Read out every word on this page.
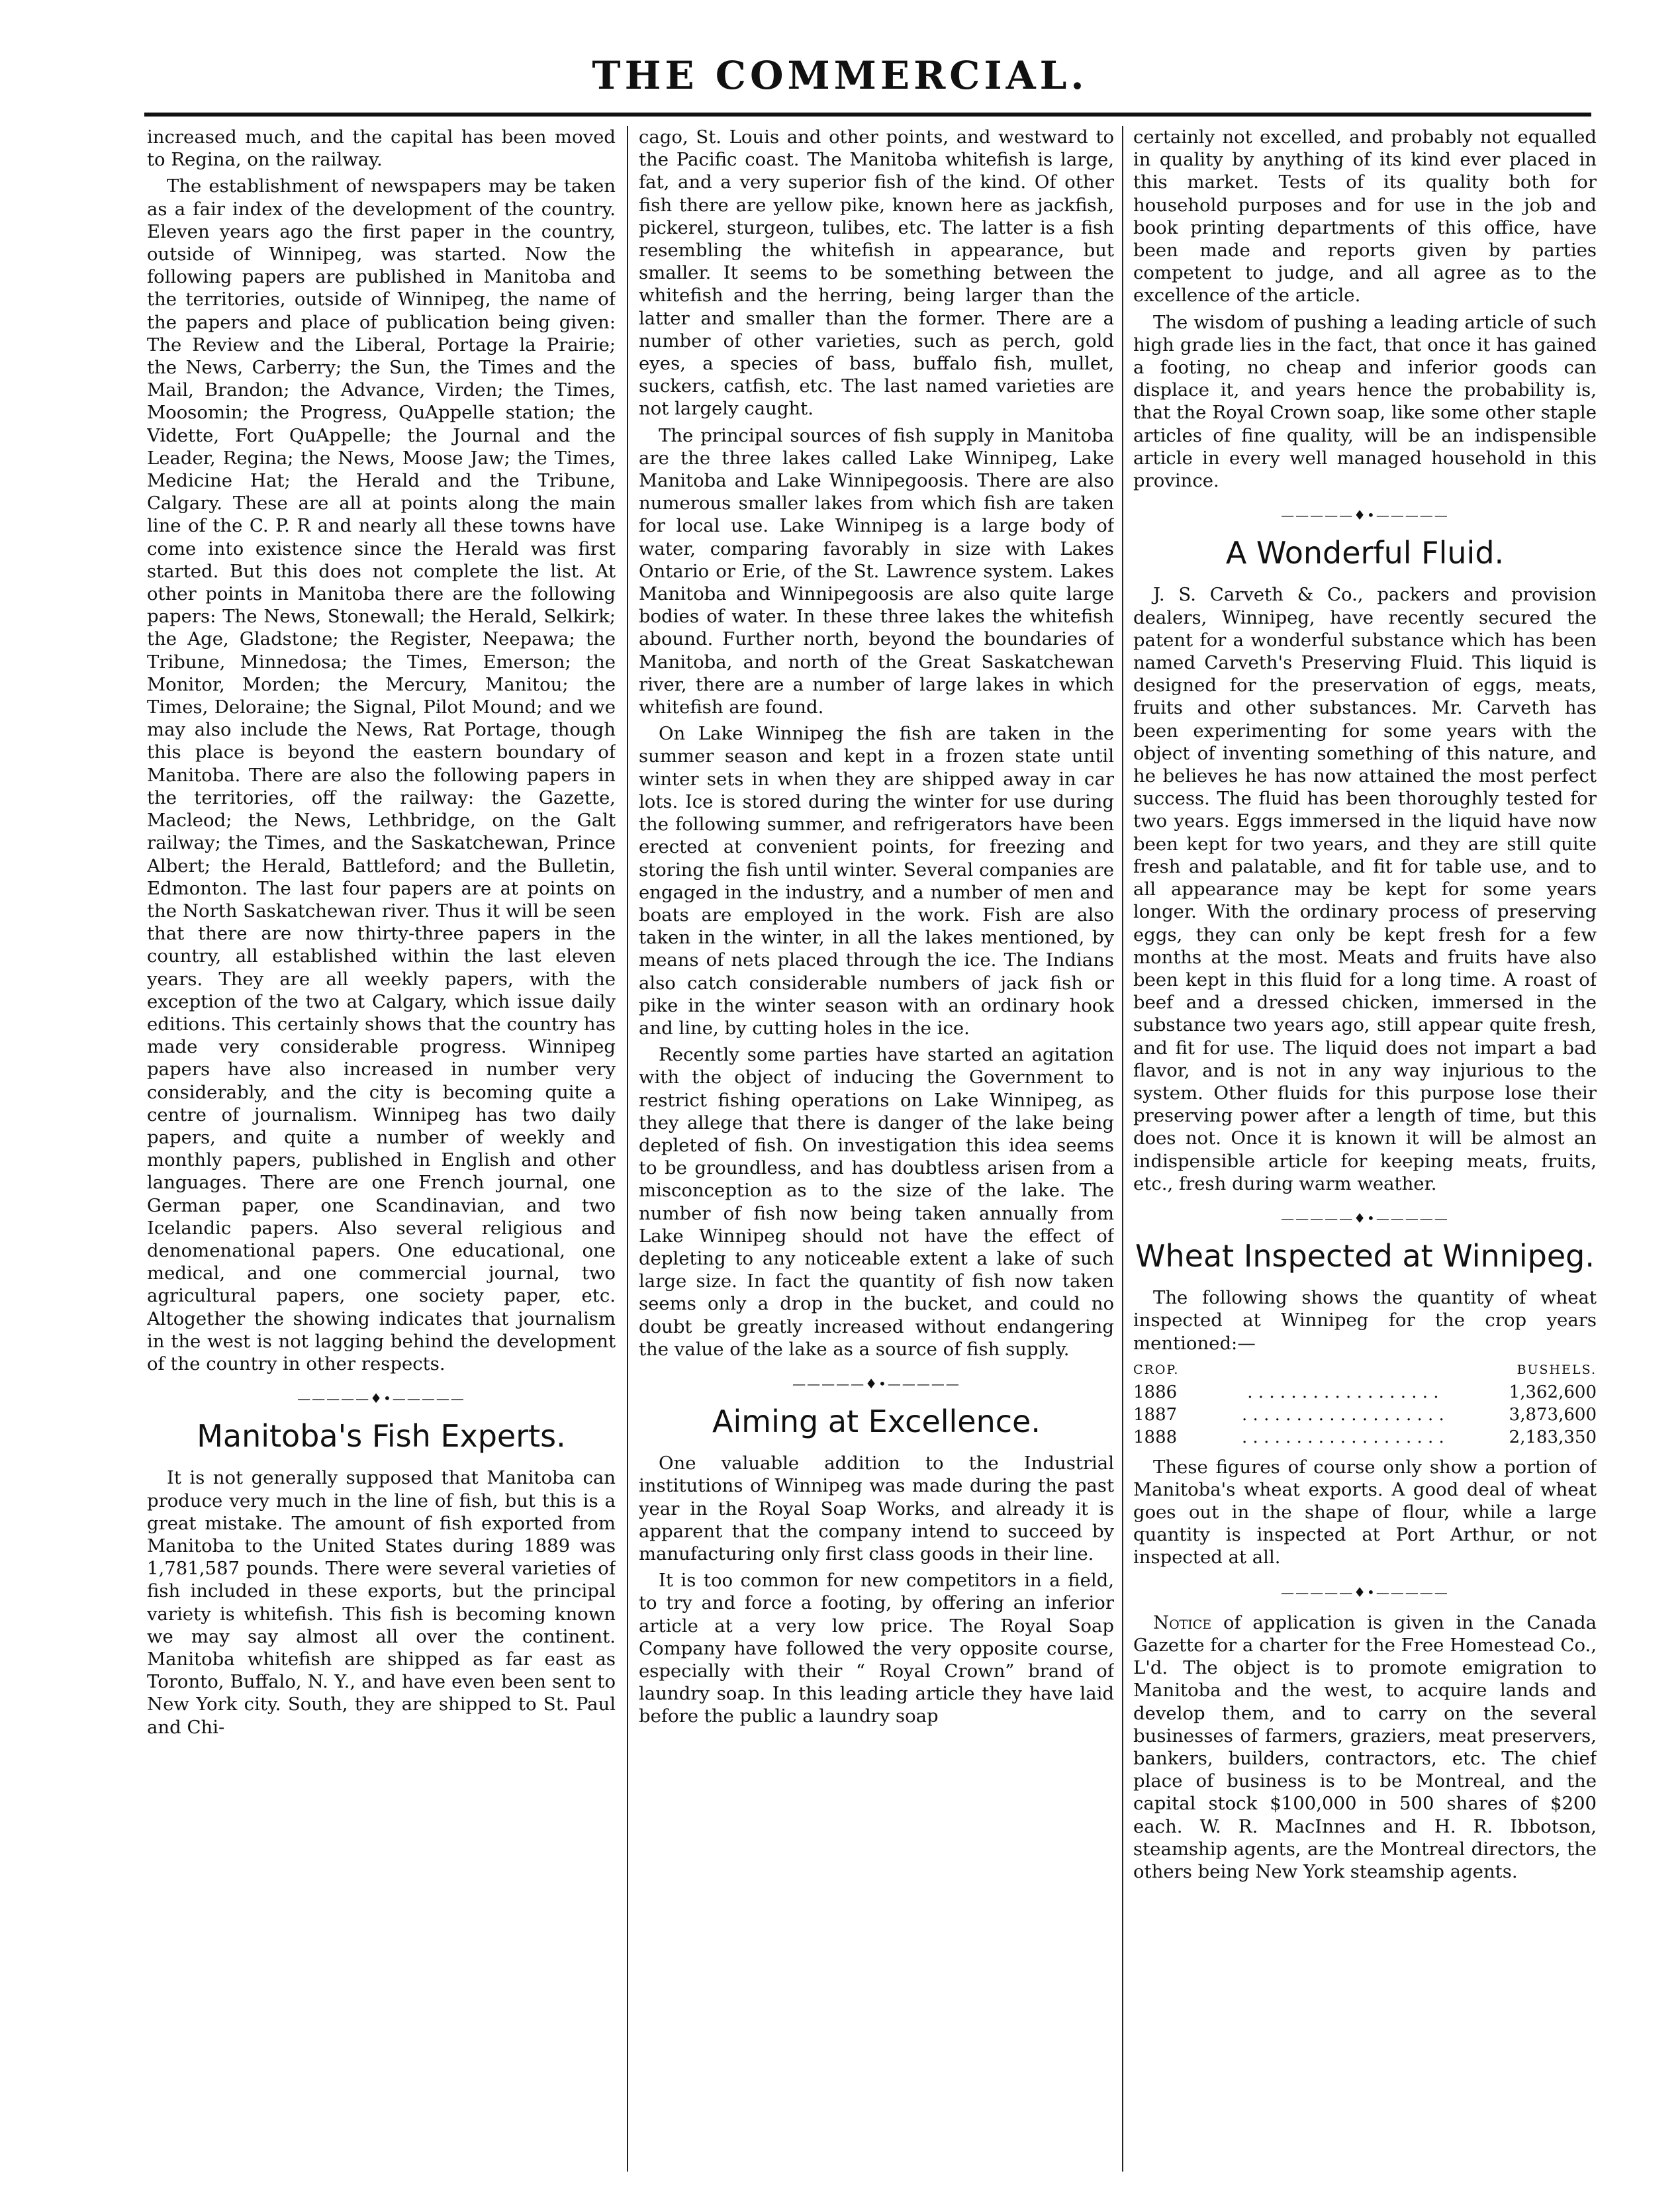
THE COMMERCIAL.

increased much, and the capital has been moved to Regina, on the railway.

The establishment of newspapers may be taken as a fair index of the development of the country. Eleven years ago the first paper in the country, outside of Winnipeg, was started. Now the following papers are published in Manitoba and the territories, outside of Winnipeg, the name of the papers and place of publication being given: The Review and the Liberal, Portage la Prairie; the News, Carberry; the Sun, the Times and the Mail, Brandon; the Advance, Virden; the Times, Moosomin; the Progress, QuAppelle station; the Vidette, Fort QuAppelle; the Journal and the Leader, Regina; the News, Moose Jaw; the Times, Medicine Hat; the Herald and the Tribune, Calgary. These are all at points along the main line of the C. P. R and nearly all these towns have come into existence since the Herald was first started. But this does not complete the list. At other points in Manitoba there are the following papers: The News, Stonewall; the Herald, Selkirk; the Age, Gladstone; the Register, Neepawa; the Tribune, Minnedosa; the Times, Emerson; the Monitor, Morden; the Mercury, Manitou; the Times, Deloraine; the Signal, Pilot Mound; and we may also include the News, Rat Portage, though this place is beyond the eastern boundary of Manitoba. There are also the following papers in the territories, off the railway: the Gazette, Macleod; the News, Lethbridge, on the Galt railway; the Times, and the Saskatchewan, Prince Albert; the Herald, Battleford; and the Bulletin, Edmonton. The last four papers are at points on the North Saskatchewan river. Thus it will be seen that there are now thirty-three papers in the country, all established within the last eleven years. They are all weekly papers, with the exception of the two at Calgary, which issue daily editions. This certainly shows that the country has made very considerable progress. Winnipeg papers have also increased in number very considerably, and the city is becoming quite a centre of journalism. Winnipeg has two daily papers, and quite a number of weekly and monthly papers, published in English and other languages. There are one French journal, one German paper, one Scandinavian, and two Icelandic papers. Also several religious and denomenational papers. One educational, one medical, and one commercial journal, two agricultural papers, one society paper, etc. Altogether the showing indicates that journalism in the west is not lagging behind the development of the country in other respects.

—————♦•—————
Manitoba's Fish Experts.

It is not generally supposed that Manitoba can produce very much in the line of fish, but this is a great mistake. The amount of fish exported from Manitoba to the United States during 1889 was 1,781,587 pounds. There were several varieties of fish included in these exports, but the principal variety is whitefish. This fish is becoming known we may say almost all over the continent. Manitoba whitefish are shipped as far east as Toronto, Buffalo, N. Y., and have even been sent to New York city. South, they are shipped to St. Paul and Chi-

cago, St. Louis and other points, and westward to the Pacific coast. The Manitoba whitefish is large, fat, and a very superior fish of the kind. Of other fish there are yellow pike, known here as jackfish, pickerel, sturgeon, tulibes, etc. The latter is a fish resembling the whitefish in appearance, but smaller. It seems to be something between the whitefish and the herring, being larger than the latter and smaller than the former. There are a number of other varieties, such as perch, gold eyes, a species of bass, buffalo fish, mullet, suckers, catfish, etc. The last named varieties are not largely caught.

The principal sources of fish supply in Manitoba are the three lakes called Lake Winnipeg, Lake Manitoba and Lake Winnipegoosis. There are also numerous smaller lakes from which fish are taken for local use. Lake Winnipeg is a large body of water, comparing favorably in size with Lakes Ontario or Erie, of the St. Lawrence system. Lakes Manitoba and Winnipegoosis are also quite large bodies of water. In these three lakes the whitefish abound. Further north, beyond the boundaries of Manitoba, and north of the Great Saskatchewan river, there are a number of large lakes in which whitefish are found.

On Lake Winnipeg the fish are taken in the summer season and kept in a frozen state until winter sets in when they are shipped away in car lots. Ice is stored during the winter for use during the following summer, and refrigerators have been erected at convenient points, for freezing and storing the fish until winter. Several companies are engaged in the industry, and a number of men and boats are employed in the work. Fish are also taken in the winter, in all the lakes mentioned, by means of nets placed through the ice. The Indians also catch considerable numbers of jack fish or pike in the winter season with an ordinary hook and line, by cutting holes in the ice.

Recently some parties have started an agitation with the object of inducing the Government to restrict fishing operations on Lake Winnipeg, as they allege that there is danger of the lake being depleted of fish. On investigation this idea seems to be groundless, and has doubtless arisen from a misconception as to the size of the lake. The number of fish now being taken annually from Lake Winnipeg should not have the effect of depleting to any noticeable extent a lake of such large size. In fact the quantity of fish now taken seems only a drop in the bucket, and could no doubt be greatly increased without endangering the value of the lake as a source of fish supply.

—————♦•—————
Aiming at Excellence.

One valuable addition to the Industrial institutions of Winnipeg was made during the past year in the Royal Soap Works, and already it is apparent that the company intend to succeed by manufacturing only first class goods in their line.

It is too common for new competitors in a field, to try and force a footing, by offering an inferior article at a very low price. The Royal Soap Company have followed the very opposite course, especially with their “ Royal Crown” brand of laundry soap. In this leading article they have laid before the public a laundry soap

certainly not excelled, and probably not equalled in quality by anything of its kind ever placed in this market. Tests of its quality both for household purposes and for use in the job and book printing departments of this office, have been made and reports given by parties competent to judge, and all agree as to the excellence of the article.

The wisdom of pushing a leading article of such high grade lies in the fact, that once it has gained a footing, no cheap and inferior goods can displace it, and years hence the probability is, that the Royal Crown soap, like some other staple articles of fine quality, will be an indispensible article in every well managed household in this province.

—————♦•—————
A Wonderful Fluid.

J. S. Carveth & Co., packers and provision dealers, Winnipeg, have recently secured the patent for a wonderful substance which has been named Carveth's Preserving Fluid. This liquid is designed for the preservation of eggs, meats, fruits and other substances. Mr. Carveth has been experimenting for some years with the object of inventing something of this nature, and he believes he has now attained the most perfect success. The fluid has been thoroughly tested for two years. Eggs immersed in the liquid have now been kept for two years, and they are still quite fresh and palatable, and fit for table use, and to all appearance may be kept for some years longer. With the ordinary process of preserving eggs, they can only be kept fresh for a few months at the most. Meats and fruits have also been kept in this fluid for a long time. A roast of beef and a dressed chicken, immersed in the substance two years ago, still appear quite fresh, and fit for use. The liquid does not impart a bad flavor, and is not in any way injurious to the system. Other fluids for this purpose lose their preserving power after a length of time, but this does not. Once it is known it will be almost an indispensible article for keeping meats, fruits, etc., fresh during warm weather.

—————♦•—————
Wheat Inspected at Winnipeg.

The following shows the quantity of wheat inspected at Winnipeg for the crop years mentioned:—

CROP.	BUSHELS.
1886	. . . . . . . . . . . . . . . . . .	1,362,600
1887	. . . . . . . . . . . . . . . . . . .	3,873,600
1888	. . . . . . . . . . . . . . . . . . .	2,183,350

These figures of course only show a portion of Manitoba's wheat exports. A good deal of wheat goes out in the shape of flour, while a large quantity is inspected at Port Arthur, or not inspected at all.

—————♦•—————

Notice of application is given in the Canada Gazette for a charter for the Free Homestead Co., L'd. The object is to promote emigration to Manitoba and the west, to acquire lands and develop them, and to carry on the several businesses of farmers, graziers, meat preservers, bankers, builders, contractors, etc. The chief place of business is to be Montreal, and the capital stock $100,000 in 500 shares of $200 each. W. R. MacInnes and H. R. Ibbotson, steamship agents, are the Montreal directors, the others being New York steamship agents.
